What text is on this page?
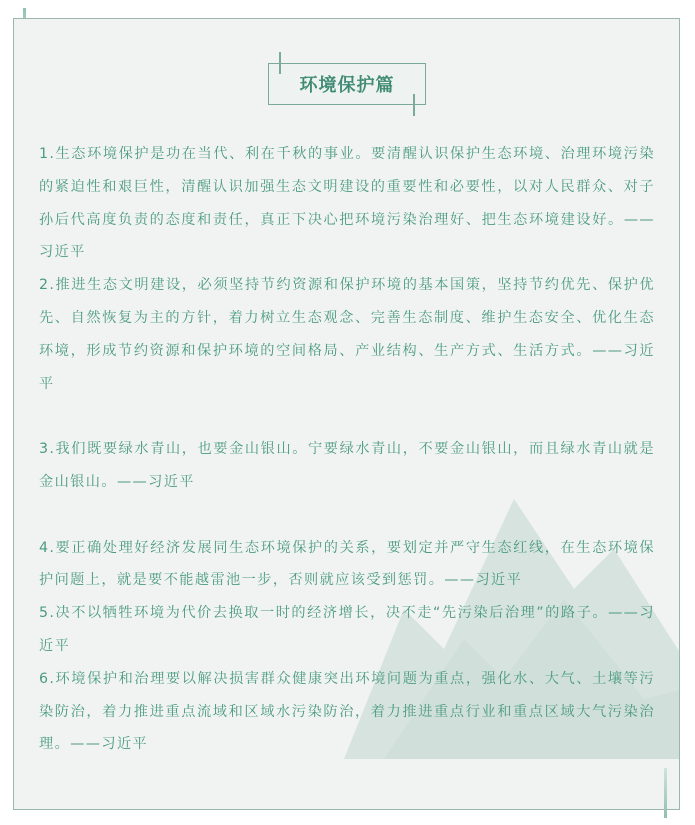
环境保护篇

1.生态环境保护是功在当代、利在千秋的事业。要清醒认识保护生态环境、治理环境污染的紧迫性和艰巨性，清醒认识加强生态文明建设的重要性和必要性，以对人民群众、对子孙后代高度负责的态度和责任，真正下决心把环境污染治理好、把生态环境建设好。——习近平

2.推进生态文明建设，必须坚持节约资源和保护环境的基本国策，坚持节约优先、保护优先、自然恢复为主的方针，着力树立生态观念、完善生态制度、维护生态安全、优化生态环境，形成节约资源和保护环境的空间格局、产业结构、生产方式、生活方式。——习近平

3.我们既要绿水青山，也要金山银山。宁要绿水青山，不要金山银山，而且绿水青山就是金山银山。——习近平

4.要正确处理好经济发展同生态环境保护的关系，要划定并严守生态红线，在生态环境保护问题上，就是要不能越雷池一步，否则就应该受到惩罚。——习近平

5.决不以牺牲环境为代价去换取一时的经济增长，决不走“先污染后治理”的路子。——习近平

6.环境保护和治理要以解决损害群众健康突出环境问题为重点，强化水、大气、土壤等污染防治，着力推进重点流域和区域水污染防治，着力推进重点行业和重点区域大气污染治理。——习近平
